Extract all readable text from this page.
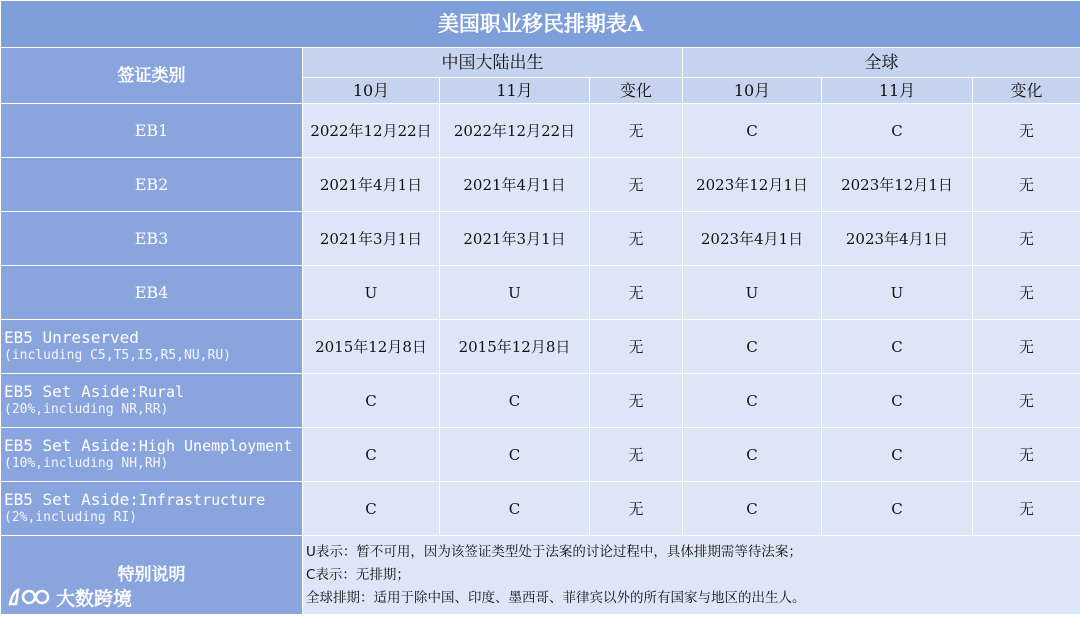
美国职业移民排期表A						
签证类别	中国大陆出生			全球		
	10月	11月	变化	10月	11月	变化
EB1	2022年12月22日	2022年12月22日	无	C	C	无
EB2	2021年4月1日	2021年4月1日	无	2023年12月1日	2023年12月1日	无
EB3	2021年3月1日	2021年3月1日	无	2023年4月1日	2023年4月1日	无
EB4	U	U	无	U	U	无

EB5 Unreserved
(including C5,T5,I5,R5,NU,RU)	2015年12月8日	2015年12月8日	无	C	C	无

EB5 Set Aside:Rural
(20%,including NR,RR)	C	C	无	C	C	无

EB5 Set Aside:High Unemployment
(10%,including NH,RH)	C	C	无	C	C	无

EB5 Set Aside:Infrastructure
(2%,including RI)	C	C	无	C	C	无
特别说明	U表示：暂不可用，因为该签证类型处于法案的讨论过程中，具体排期需等待法案；
C表示：无排期；
全球排期：适用于除中国、印度、墨西哥、菲律宾以外的所有国家与地区的出生人。					
大数跨境
